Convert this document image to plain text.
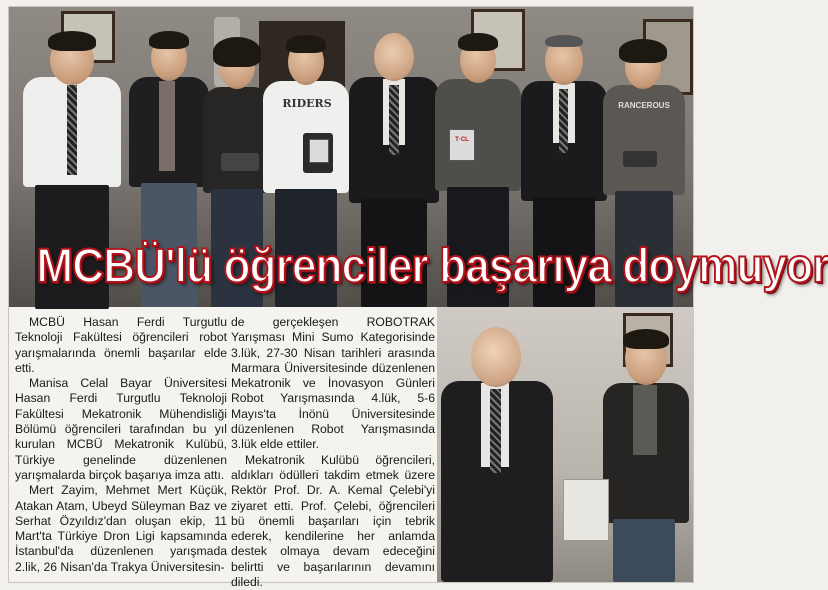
RIDERS
T·CL
RANCEROUS
MCBÜ'lü öğrenciler başarıya doymuyor

MCBÜ Hasan Ferdi Turgutlu Teknoloji Fakültesi öğrencileri robot yarışmalarında önemli başarılar elde etti.

Manisa Celal Bayar Üniversitesi Hasan Ferdi Turgutlu Teknoloji Fakültesi Mekatronik Mühendisliği Bölümü öğrencileri tarafından bu yıl kurulan MCBÜ Mekatronik Kulübü, Türkiye genelinde düzenlenen yarışmalarda birçok başarıya imza attı.

Mert Zayim, Mehmet Mert Küçük, Atakan Atam, Ubeyd Süleyman Baz ve Serhat Özyıldız'dan oluşan ekip, 11 Mart'ta Türkiye Dron Ligi kapsamında İstanbul'da düzenlenen yarışmada 2.lik, 26 Nisan'da Trakya Üniversitesin-

de gerçekleşen ROBOTRAK Yarışması Mini Sumo Kategorisinde 3.lük, 27-30 Nisan tarihleri arasında Marmara Üniversitesinde düzenlenen Mekatronik ve İnovasyon Günleri Robot Yarışmasında 4.lük, 5-6 Mayıs'ta İnönü Üniversitesinde düzenlenen Robot Yarışmasında 3.lük elde ettiler.

Mekatronik Kulübü öğrencileri, aldıkları ödülleri takdim etmek üzere Rektör Prof. Dr. A. Kemal Çelebi'yi ziyaret etti. Prof. Çelebi, öğrencileri bü önemli başarıları için tebrik ederek, kendilerine her anlamda destek olmaya devam edeceğini belirtti ve başarılarının devamını diledi.
